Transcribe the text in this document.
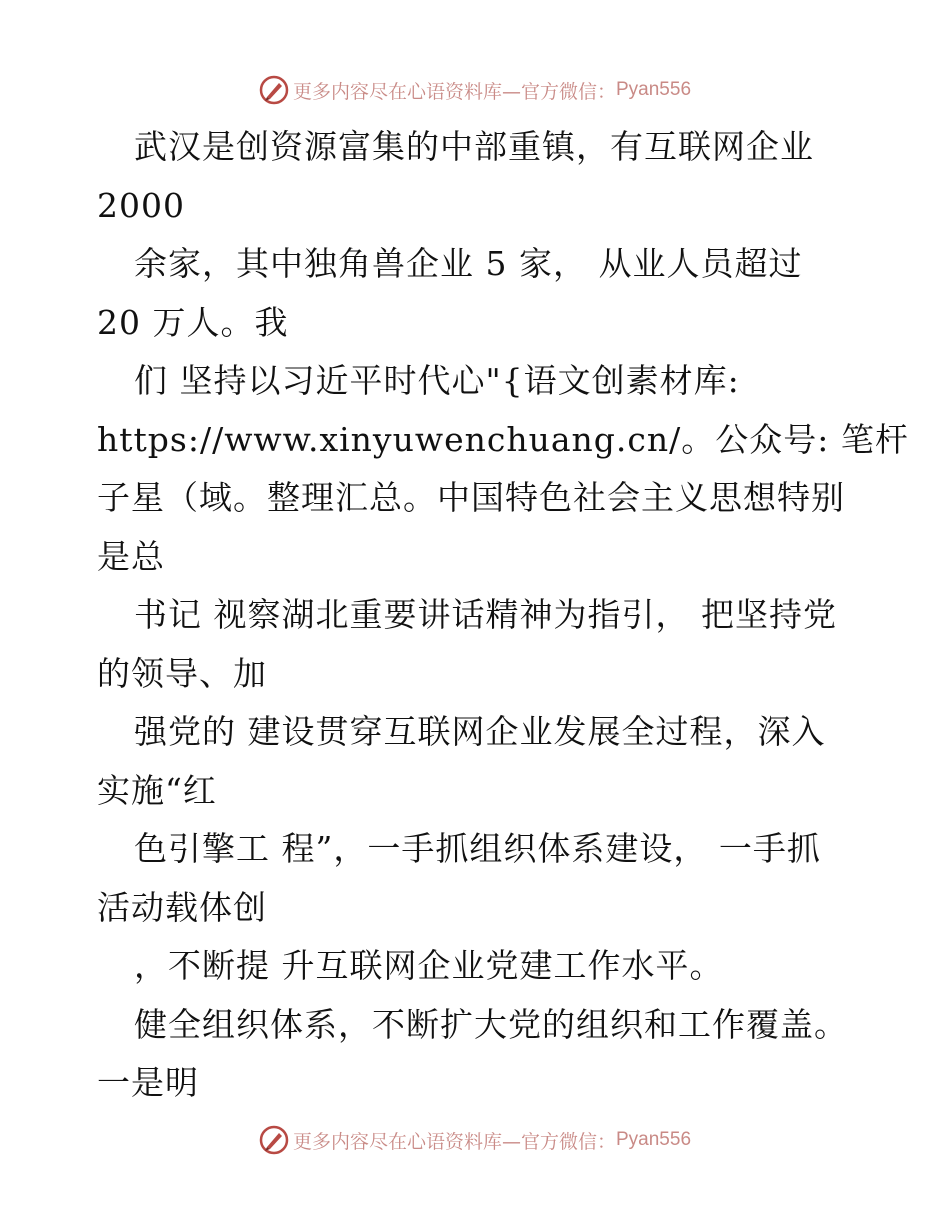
更多内容尽在心语资料库—官方微信： Pyan556
武汉是创资源富集的中部重镇，有互联网企业
2000
余家，其中独角兽企业 5 家， 从业人员超过
20 万人。我
们 坚持以习近平时代心"{语文创素材库:
https://www.xinyuwenchuang.cn/。公众号: 笔杆
子星（域。整理汇总。中国特色社会主义思想特别
是总
书记 视察湖北重要讲话精神为指引， 把坚持党
的领导、加
强党的 建设贯穿互联网企业发展全过程，深入
实施“红
色引擎工 程”，一手抓组织体系建设， 一手抓
活动载体创
，不断提 升互联网企业党建工作水平。
健全组织体系，不断扩大党的组织和工作覆盖。
一是明
更多内容尽在心语资料库—官方微信： Pyan556
